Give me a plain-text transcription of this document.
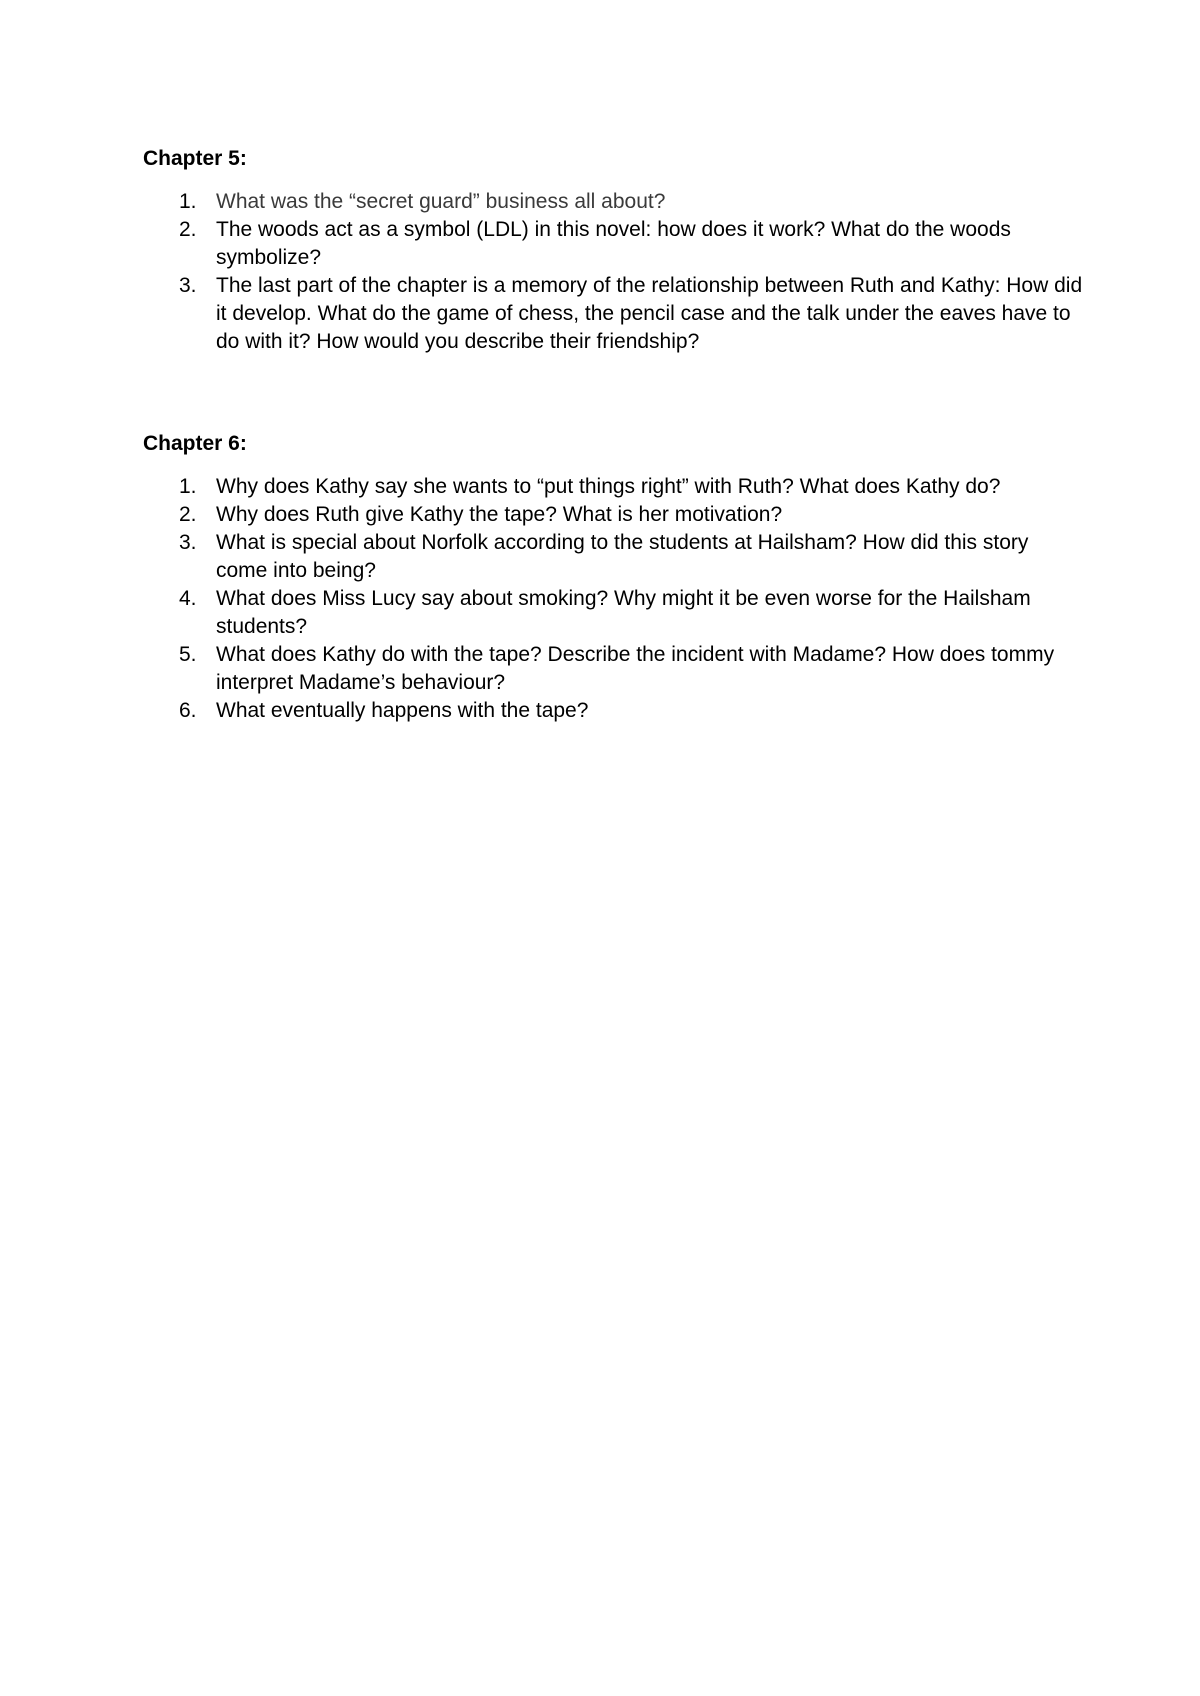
Chapter 5:
1. What was the “secret guard” business all about?
2. The woods act as a symbol (LDL) in this novel: how does it work? What do the woods symbolize?
3. The last part of the chapter is a memory of the relationship between Ruth and Kathy: How did it develop. What do the game of chess, the pencil case and the talk under the eaves have to do with it? How would you describe their friendship?
Chapter 6:
1. Why does Kathy say she wants to “put things right” with Ruth? What does Kathy do?
2. Why does Ruth give Kathy the tape? What is her motivation?
3. What is special about Norfolk according to the students at Hailsham? How did this story come into being?
4. What does Miss Lucy say about smoking? Why might it be even worse for the Hailsham students?
5. What does Kathy do with the tape? Describe the incident with Madame? How does tommy interpret Madame’s behaviour?
6. What eventually happens with the tape?
